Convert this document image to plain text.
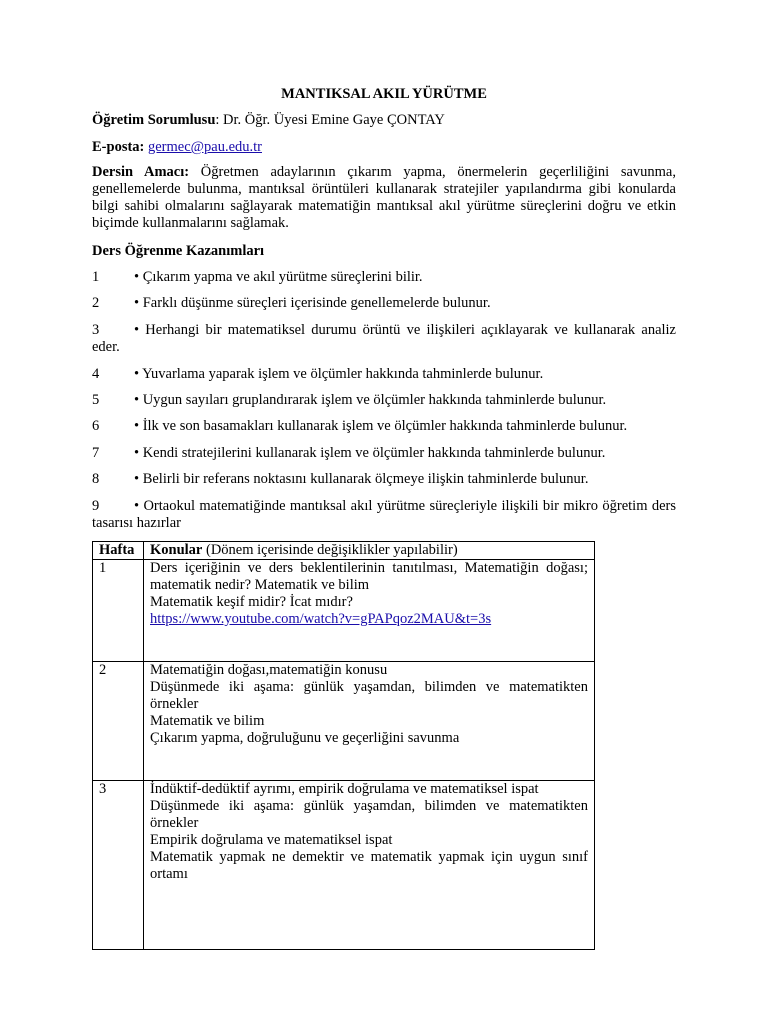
MANTIKSAL AKIL YÜRÜTME
Öğretim Sorumlusu: Dr. Öğr. Üyesi Emine Gaye ÇONTAY
E-posta: germec@pau.edu.tr
Dersin Amacı: Öğretmen adaylarının çıkarım yapma, önermelerin geçerliliğini savunma, genellemelerde bulunma, mantıksal örüntüleri kullanarak stratejiler yapılandırma gibi konularda bilgi sahibi olmalarını sağlayarak matematiğin mantıksal akıl yürütme süreçlerini doğru ve etkin biçimde kullanmalarını sağlamak.
Ders Öğrenme Kazanımları
1 • Çıkarım yapma ve akıl yürütme süreçlerini bilir.
2 • Farklı düşünme süreçleri içerisinde genellemelerde bulunur.
3 • Herhangi bir matematiksel durumu örüntü ve ilişkileri açıklayarak ve kullanarak analiz eder.
4 • Yuvarlama yaparak işlem ve ölçümler hakkında tahminlerde bulunur.
5 • Uygun sayıları gruplandırarak işlem ve ölçümler hakkında tahminlerde bulunur.
6 • İlk ve son basamakları kullanarak işlem ve ölçümler hakkında tahminlerde bulunur.
7 • Kendi stratejilerini kullanarak işlem ve ölçümler hakkında tahminlerde bulunur.
8 • Belirli bir referans noktasını kullanarak ölçmeye ilişkin tahminlerde bulunur.
9 • Ortaokul matematiğinde mantıksal akıl yürütme süreçleriyle ilişkili bir mikro öğretim ders tasarısı hazırlar
Hafta	Konular (Dönem içerisinde değişiklikler yapılabilir)
1	Ders içeriğinin ve ders beklentilerinin tanıtılması, Matematiğin doğası; matematik nedir? Matematik ve bilim
Matematik keşif midir? İcat mıdır?
https://www.youtube.com/watch?v=gPAPqoz2MAU&t=3s

2	Matematiğin doğası,matematiğin konusu
Düşünmede iki aşama: günlük yaşamdan, bilimden ve matematikten örnekler
Matematik ve bilim
Çıkarım yapma, doğruluğunu ve geçerliğini savunma

3	İndüktif-dedüktif ayrımı, empirik doğrulama ve matematiksel ispat
Düşünmede iki aşama: günlük yaşamdan, bilimden ve matematikten örnekler
Empirik doğrulama ve matematiksel ispat
Matematik yapmak ne demektir ve matematik yapmak için uygun sınıf ortamı
